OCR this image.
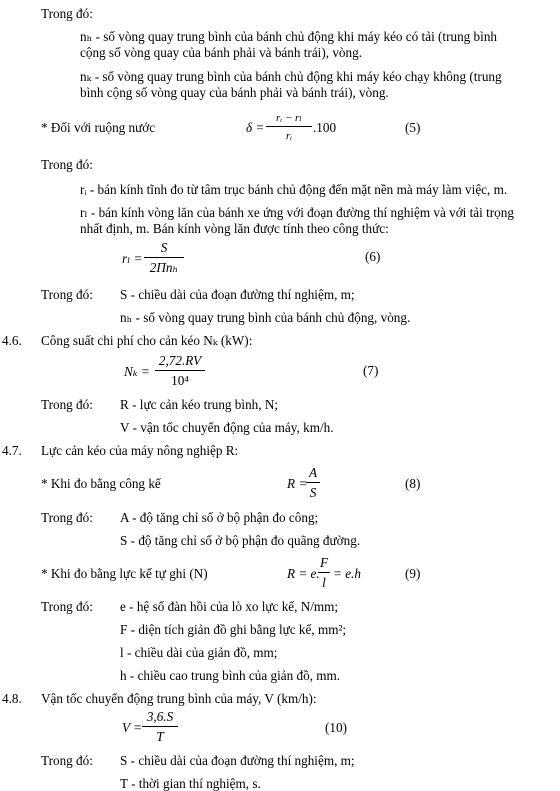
Trong đó:
nₕ - số vòng quay trung bình của bánh chủ động khi máy kéo có tải (trung bình
cộng số vòng quay của bánh phải và bánh trái), vòng.
nₖ - số vòng quay trung bình của bánh chủ động khi máy kéo chạy không (trung
bình cộng số vòng quay của bánh phải và bánh trái), vòng.
* Đối với ruộng nước	δ =
rᵢ − rₗ
rᵢ
.100	(5)
Trong đó:
rᵢ - bán kính tĩnh đo từ tâm trục bánh chủ động đến mặt nền mà máy làm việc, m.
rₗ - bán kính vòng lăn của bánh xe ứng với đoạn đường thí nghiệm và với tải trọng
nhất định, m. Bán kính vòng lăn được tính theo công thức:
rₗ =
S
2Πnₕ
(6)
Trong đó: S - chiều dài của đoạn đường thí nghiệm, m;
nₕ - số vòng quay trung bình của bánh chủ động, vòng.
4.6. Công suất chi phí cho cản kéo Nₖ (kW):
Nₖ =
2,72.RV
10⁴
(7)
Trong đó: R - lực cản kéo trung bình, N;
V - vận tốc chuyển động của máy, km/h.
4.7. Lực cản kéo của máy nông nghiệp R:
* Khi đo bằng công kế	R =
A
S
(8)
Trong đó: A - độ tăng chỉ số ở bộ phận đo công;
S - độ tăng chỉ số ở bộ phận đo quãng đường.
* Khi đo bằng lực kế tự ghi (N)	R = e.
F
l
= e.h	(9)
Trong đó: e - hệ số đàn hồi của lò xo lực kế, N/mm;
F - diện tích giản đồ ghi bằng lực kế, mm²;
l - chiều dài của giản đồ, mm;
h - chiều cao trung bình của giản đồ, mm.
4.8. Vận tốc chuyển động trung bình của máy, V (km/h):
V =
3,6.S
T
(10)
Trong đó: S - chiều dài của đoạn đường thí nghiệm, m;
T - thời gian thí nghiệm, s.
